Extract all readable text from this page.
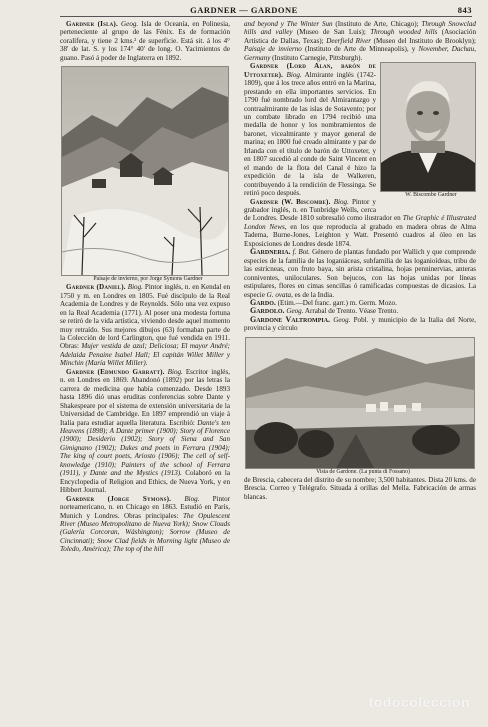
GARDNER — GARDONE	843

Gardner (Isla). Geog. Isla de Oceanía, en Polinesia, perteneciente al grupo de las Fénix. Es de formación coralífera, y tiene 2 kms.² de superficie. Está sit. á los 4° 38' de lat. S. y los 174° 40' de long. O. Yacimientos de guano. Pasó á poder de Inglaterra en 1892.

Paisaje de invierno, por Jorge Symons Gardner

Gardner (Daniel). Biog. Pintor inglés, n. en Kendal en 1750 y m. en Londres en 1805. Fué discípulo de la Real Academia de Londres y de Reynolds. Sólo una vez expuso en la Real Academia (1771). Al poser una modesta fortuna se retiró de la vida artística, viviendo desde aquel momento muy retraído. Sus mejores dibujos (63) formaban parte de la Colección de lord Carlington, que fué vendida en 1911. Obras: Mujer vestida de azul; Deliciosa; El mayor André; Adelaida Penaine Isabel Hall; El capitán Willet Miller y Minchin (María Willet Miller).

Gardner (Edmundo Garratt). Biog. Escritor inglés, n. en Londres en 1869. Abandonó (1892) por las letras la carrera de medicina que había comenzado. Desde 1893 hasta 1896 dió unas eruditas conferencias sobre Dante y Shakespeare por el sistema de extensión universitaria de la Universidad de Cambridge. En 1897 emprendió un viaje á Italia para estudiar aquella literatura. Escribió: Dante's ten Heavens (1898); A Dante primer (1900); Story of Florence (1900); Desiderio (1902); Story of Siena and San Gimignano (1902); Dukes and poets in Ferrara (1904); The king of court poets, Ariosto (1906); The cell of self-knowledge (1910); Painters of the school of Ferrara (1911), y Dante and the Mystics (1913). Colaboró en la Encyclopedia of Religion and Ethics, de Nueva York, y en Hibbert Journal.

Gardner (Jorge Symons). Biog. Pintor norteamericano, n. en Chicago en 1863. Estudió en París, Munich y Londres. Obras principales: The Opulescent River (Museo Metropolitano de Nueva York); Snow Clouds (Galería Corcoran, Wáshington); Sorrow (Museo de Cincinnati); Snow Clad fields in Morning light (Museo de Toledo, América); The top of the hill

and beyond y The Winter Sun (Instituto de Arte, Chicago); Through Snowclad hills and valley (Museo de San Luis); Through wooded hills (Asociación Artística de Dallas, Texas); Deerfield River (Museo del Instituto de Brooklyn); Paisaje de invierno (Instituto de Arte de Minneapolis), y November, Dachau, Germany (Instituto Carnegie, Pittsburgh).

W. Biscombe Gardner

Gardner (Lord Alan, barón de Uttoxeter). Biog. Almirante inglés (1742-1809), que á los trece años entró en la Marina, prestando en ella importantes servicios. En 1790 fué nombrado lord del Almirantazgo y contraalmirante de las islas de Sotavento; por un combate librado en 1794 recibió una medalla de honor y los nombramientos de baronet, vicealmirante y mayor general de marina; en 1800 fué creado almirante y par de Irlanda con el título de barón de Uttoxeter, y en 1807 sucedió al conde de Saint Vincent en el mando de la flota del Canal é hizo la expedición de la isla de Walkeren, contribuyendo á la rendición de Flessinga. Se retiró poco después.

Gardner (W. Biscombe). Biog. Pintor y grabador inglés, n. en Tunbridge Wells, cerca de Londres. Desde 1810 sobresalió como ilustrador en The Graphic é Illustrated London News, en los que reproducía al grabado en madera obras de Alma Tadema, Burne-Jones, Leighton y Watt. Presentó cuadros al óleo en las Exposiciones de Londres desde 1874.

Gardneria. f. Bot. Género de plantas fundado por Wallich y que comprende especies de la familia de las loganiáceas, subfamilia de las loganioídeas, tribu de las estrícneas, con fruto baya, sin arista cristalina, hojas penninervias, anteras conniventes, uniloculares. Son bejucos, con las hojas unidas por líneas estipulares, flores en cimas sencillas ó ramificadas compuestas de dicasios. La especie G. ovata, es de la India.

Gardo. (Etim.—Del franc. garr.) m. Germ. Mozo.

Gardolo. Geog. Arrabal de Trento. Véase Trento.

Gardone Valtrompia. Geog. Pobl. y municipio de la Italia del Norte, provincia y círculo

Vista de Gardone. (La punta di Fossano)

de Brescia, cabecera del distrito de su nombre; 3,500 habitantes. Dista 20 kms. de Brescia. Correo y Telégrafo. Situada á orillas del Mella. Fabricación de armas blancas.

todocoleccion
